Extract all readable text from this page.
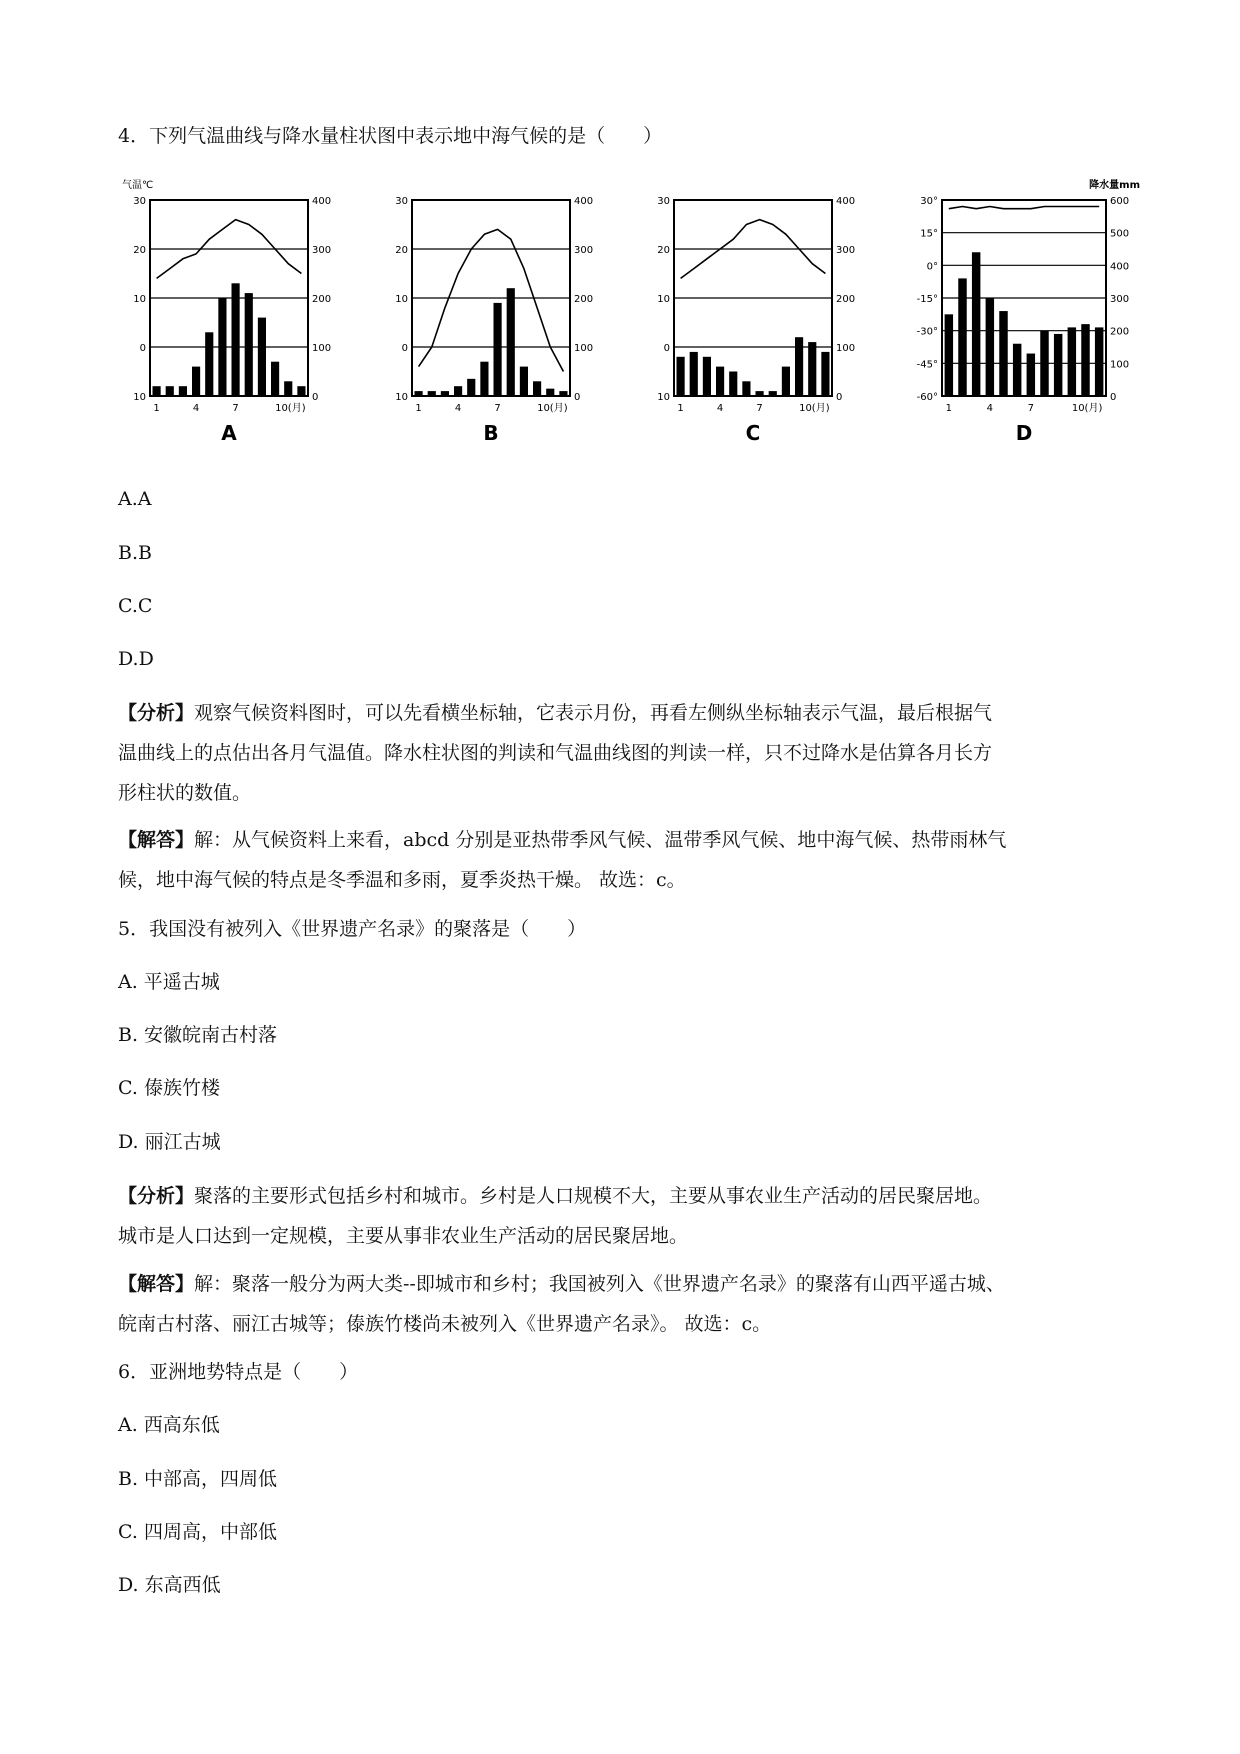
4．下列气温曲线与降水量柱状图中表示地中海气候的是（　　）
30	400
20	300
10	200
0	100
10	0
气温℃
1	4	7	10(月)
A
30	400
20	300
10	200
0	100
10	0
1	4	7	10(月)
B
30	400
20	300
10	200
0	100
10	0
1	4	7	10(月)
C
30°	600
15°	500
0°	400
-15°	300
-30°	200
-45°	100
-60°	0
降水量mm
1	4	7	10(月)
D
A.A
B.B
C.C
D.D
【分析】观察气候资料图时，可以先看横坐标轴，它表示月份，再看左侧纵坐标轴表示气温，最后根据气
温曲线上的点估出各月气温值。降水柱状图的判读和气温曲线图的判读一样，只不过降水是估算各月长方
形柱状的数值。
【解答】解：从气候资料上来看，abcd 分别是亚热带季风气候、温带季风气候、地中海气候、热带雨林气
候，地中海气候的特点是冬季温和多雨，夏季炎热干燥。 故选：c。
5．我国没有被列入《世界遗产名录》的聚落是（　　）
A. 平遥古城
B. 安徽皖南古村落
C. 傣族竹楼
D. 丽江古城
【分析】聚落的主要形式包括乡村和城市。乡村是人口规模不大，主要从事农业生产活动的居民聚居地。
城市是人口达到一定规模，主要从事非农业生产活动的居民聚居地。
【解答】解：聚落一般分为两大类--即城市和乡村；我国被列入《世界遗产名录》的聚落有山西平遥古城、
皖南古村落、丽江古城等；傣族竹楼尚未被列入《世界遗产名录》。 故选：c。
6．亚洲地势特点是（　　）
A. 西高东低
B. 中部高，四周低
C. 四周高，中部低
D. 东高西低
